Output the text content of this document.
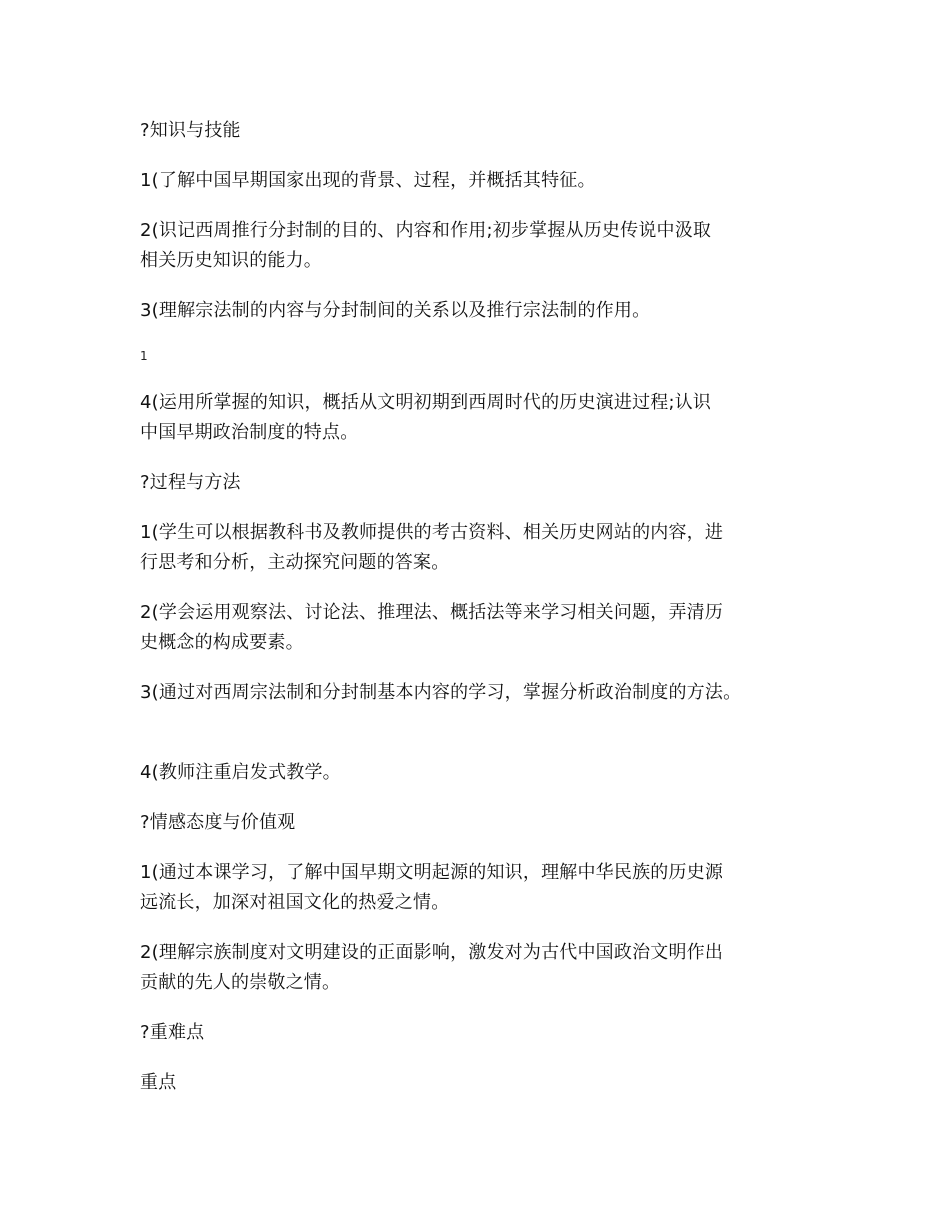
?知识与技能
1(了解中国早期国家出现的背景、过程，并概括其特征。
2(识记西周推行分封制的目的、内容和作用;初步掌握从历史传说中汲取
相关历史知识的能力。
3(理解宗法制的内容与分封制间的关系以及推行宗法制的作用。
1
4(运用所掌握的知识，概括从文明初期到西周时代的历史演进过程;认识
中国早期政治制度的特点。
?过程与方法
1(学生可以根据教科书及教师提供的考古资料、相关历史网站的内容，进
行思考和分析，主动探究问题的答案。
2(学会运用观察法、讨论法、推理法、概括法等来学习相关问题，弄清历
史概念的构成要素。
3(通过对西周宗法制和分封制基本内容的学习，掌握分析政治制度的方法。
4(教师注重启发式教学。
?情感态度与价值观
1(通过本课学习，了解中国早期文明起源的知识，理解中华民族的历史源
远流长，加深对祖国文化的热爱之情。
2(理解宗族制度对文明建设的正面影响，激发对为古代中国政治文明作出
贡献的先人的崇敬之情。
?重难点
重点
